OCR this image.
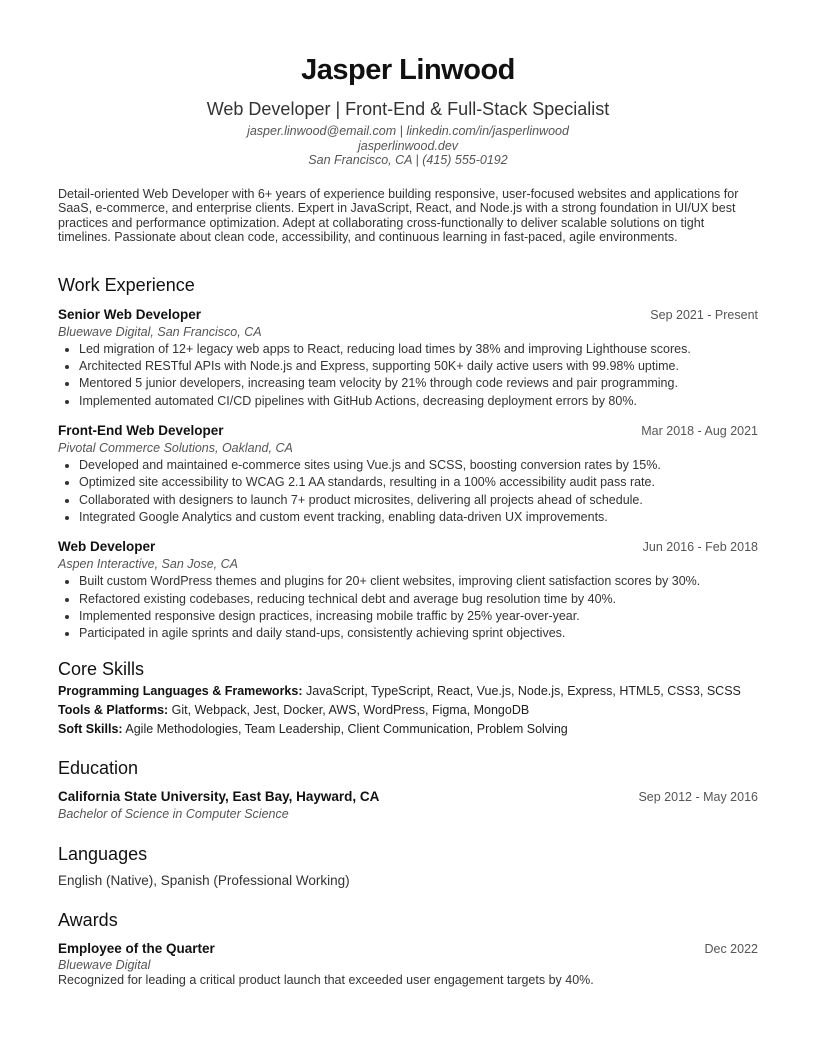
Jasper Linwood
Web Developer | Front-End & Full-Stack Specialist
jasper.linwood@email.com | linkedin.com/in/jasperlinwood
jasperlinwood.dev
San Francisco, CA | (415) 555-0192
Detail-oriented Web Developer with 6+ years of experience building responsive, user-focused websites and applications for SaaS, e-commerce, and enterprise clients. Expert in JavaScript, React, and Node.js with a strong foundation in UI/UX best practices and performance optimization. Adept at collaborating cross-functionally to deliver scalable solutions on tight timelines. Passionate about clean code, accessibility, and continuous learning in fast-paced, agile environments.
Work Experience
Senior Web Developer	Sep 2021 - Present
Bluewave Digital, San Francisco, CA
• Led migration of 12+ legacy web apps to React, reducing load times by 38% and improving Lighthouse scores.
• Architected RESTful APIs with Node.js and Express, supporting 50K+ daily active users with 99.98% uptime.
• Mentored 5 junior developers, increasing team velocity by 21% through code reviews and pair programming.
• Implemented automated CI/CD pipelines with GitHub Actions, decreasing deployment errors by 80%.
Front-End Web Developer	Mar 2018 - Aug 2021
Pivotal Commerce Solutions, Oakland, CA
• Developed and maintained e-commerce sites using Vue.js and SCSS, boosting conversion rates by 15%.
• Optimized site accessibility to WCAG 2.1 AA standards, resulting in a 100% accessibility audit pass rate.
• Collaborated with designers to launch 7+ product microsites, delivering all projects ahead of schedule.
• Integrated Google Analytics and custom event tracking, enabling data-driven UX improvements.
Web Developer	Jun 2016 - Feb 2018
Aspen Interactive, San Jose, CA
• Built custom WordPress themes and plugins for 20+ client websites, improving client satisfaction scores by 30%.
• Refactored existing codebases, reducing technical debt and average bug resolution time by 40%.
• Implemented responsive design practices, increasing mobile traffic by 25% year-over-year.
• Participated in agile sprints and daily stand-ups, consistently achieving sprint objectives.
Core Skills
Programming Languages & Frameworks: JavaScript, TypeScript, React, Vue.js, Node.js, Express, HTML5, CSS3, SCSS
Tools & Platforms: Git, Webpack, Jest, Docker, AWS, WordPress, Figma, MongoDB
Soft Skills: Agile Methodologies, Team Leadership, Client Communication, Problem Solving
Education
California State University, East Bay, Hayward, CA	Sep 2012 - May 2016
Bachelor of Science in Computer Science
Languages
English (Native), Spanish (Professional Working)
Awards
Employee of the Quarter	Dec 2022
Bluewave Digital
Recognized for leading a critical product launch that exceeded user engagement targets by 40%.
